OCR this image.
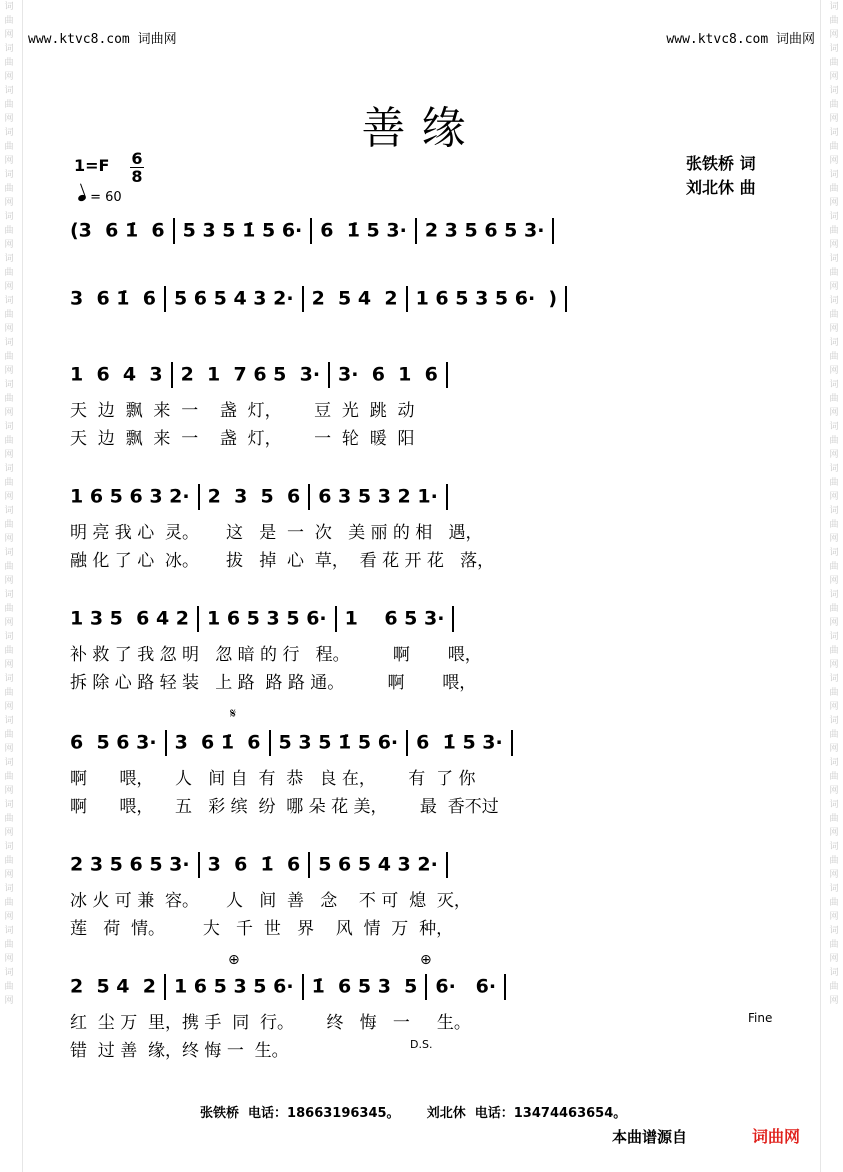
词曲网词曲网词曲网词曲网词曲网词曲网词曲网词曲网词曲网词曲网词曲网词曲网词曲网词曲网词曲网词曲网词曲网词曲网词曲网词曲网词曲网词曲网词曲网词曲网
词曲网词曲网词曲网词曲网词曲网词曲网词曲网词曲网词曲网词曲网词曲网词曲网词曲网词曲网词曲网词曲网词曲网词曲网词曲网词曲网词曲网词曲网词曲网词曲网
www.ktvc8.com 词曲网	www.ktvc8.com 词曲网
善缘
1=F 6
8
= 60
张铁桥 词
刘北休 曲
(3  6 1̇  6 5 3 5 1̇ 5 6· 6  1̇ 5 3· 2 3 5 6 5 3·
3  6 1̇  6 5 6 5 4 3 2· 2  5 4  2 1 6 5 3 5 6·  )
1  6  4  3 2  1  7 6 5  3· 3·  6  1  6
天  边  飘  来  一    盏  灯，      豆  光  跳  动
天  边  飘  来  一    盏  灯，      一  轮  暖  阳
1 6 5 6 3 2· 2  3  5  6 6 3 5 3 2 1·
明 亮 我 心  灵。     这   是  一  次   美 丽 的 相   遇，
融 化 了 心  冰。     拔   掉  心  草，  看 花 开 花   落，
1 3 5  6 4 2 1 6 5 3 5 6· 1    6 5 3·
补 救 了 我 忽 明   忽 暗 的 行   程。        啊       喂，
拆 除 心 路 轻 装   上 路  路 路 通。        啊       喂，
6  5 6 3· 3  6 1̇  6 5 3 5 1̇ 5 6· 6  1̇ 5 3·
啊      喂，    人   间 自  有  恭   良 在，      有  了 你
啊      喂，    五   彩 缤  纷  哪 朵 花 美，      最  香不过
2 3 5 6 5 3· 3  6  1̇  6 5 6 5 4 3 2·
冰 火 可 兼  容。     人   间  善   念    不 可  熄  灭，
莲   荷  情。       大   千  世   界    风  情  万  种，
2  5 4  2 1 6 5 3 5 6· 1̇  6 5 3  5 6·   6·
红  尘 万  里，携 手  同  行。      终   悔   一     生。
错  过 善  缘，终 悔 一  生。
𝄋
⊕	⊕
Fine
D.S.
张铁桥  电话：18663196345。      刘北休  电话：13474463654。
本曲谱源自	词曲网
